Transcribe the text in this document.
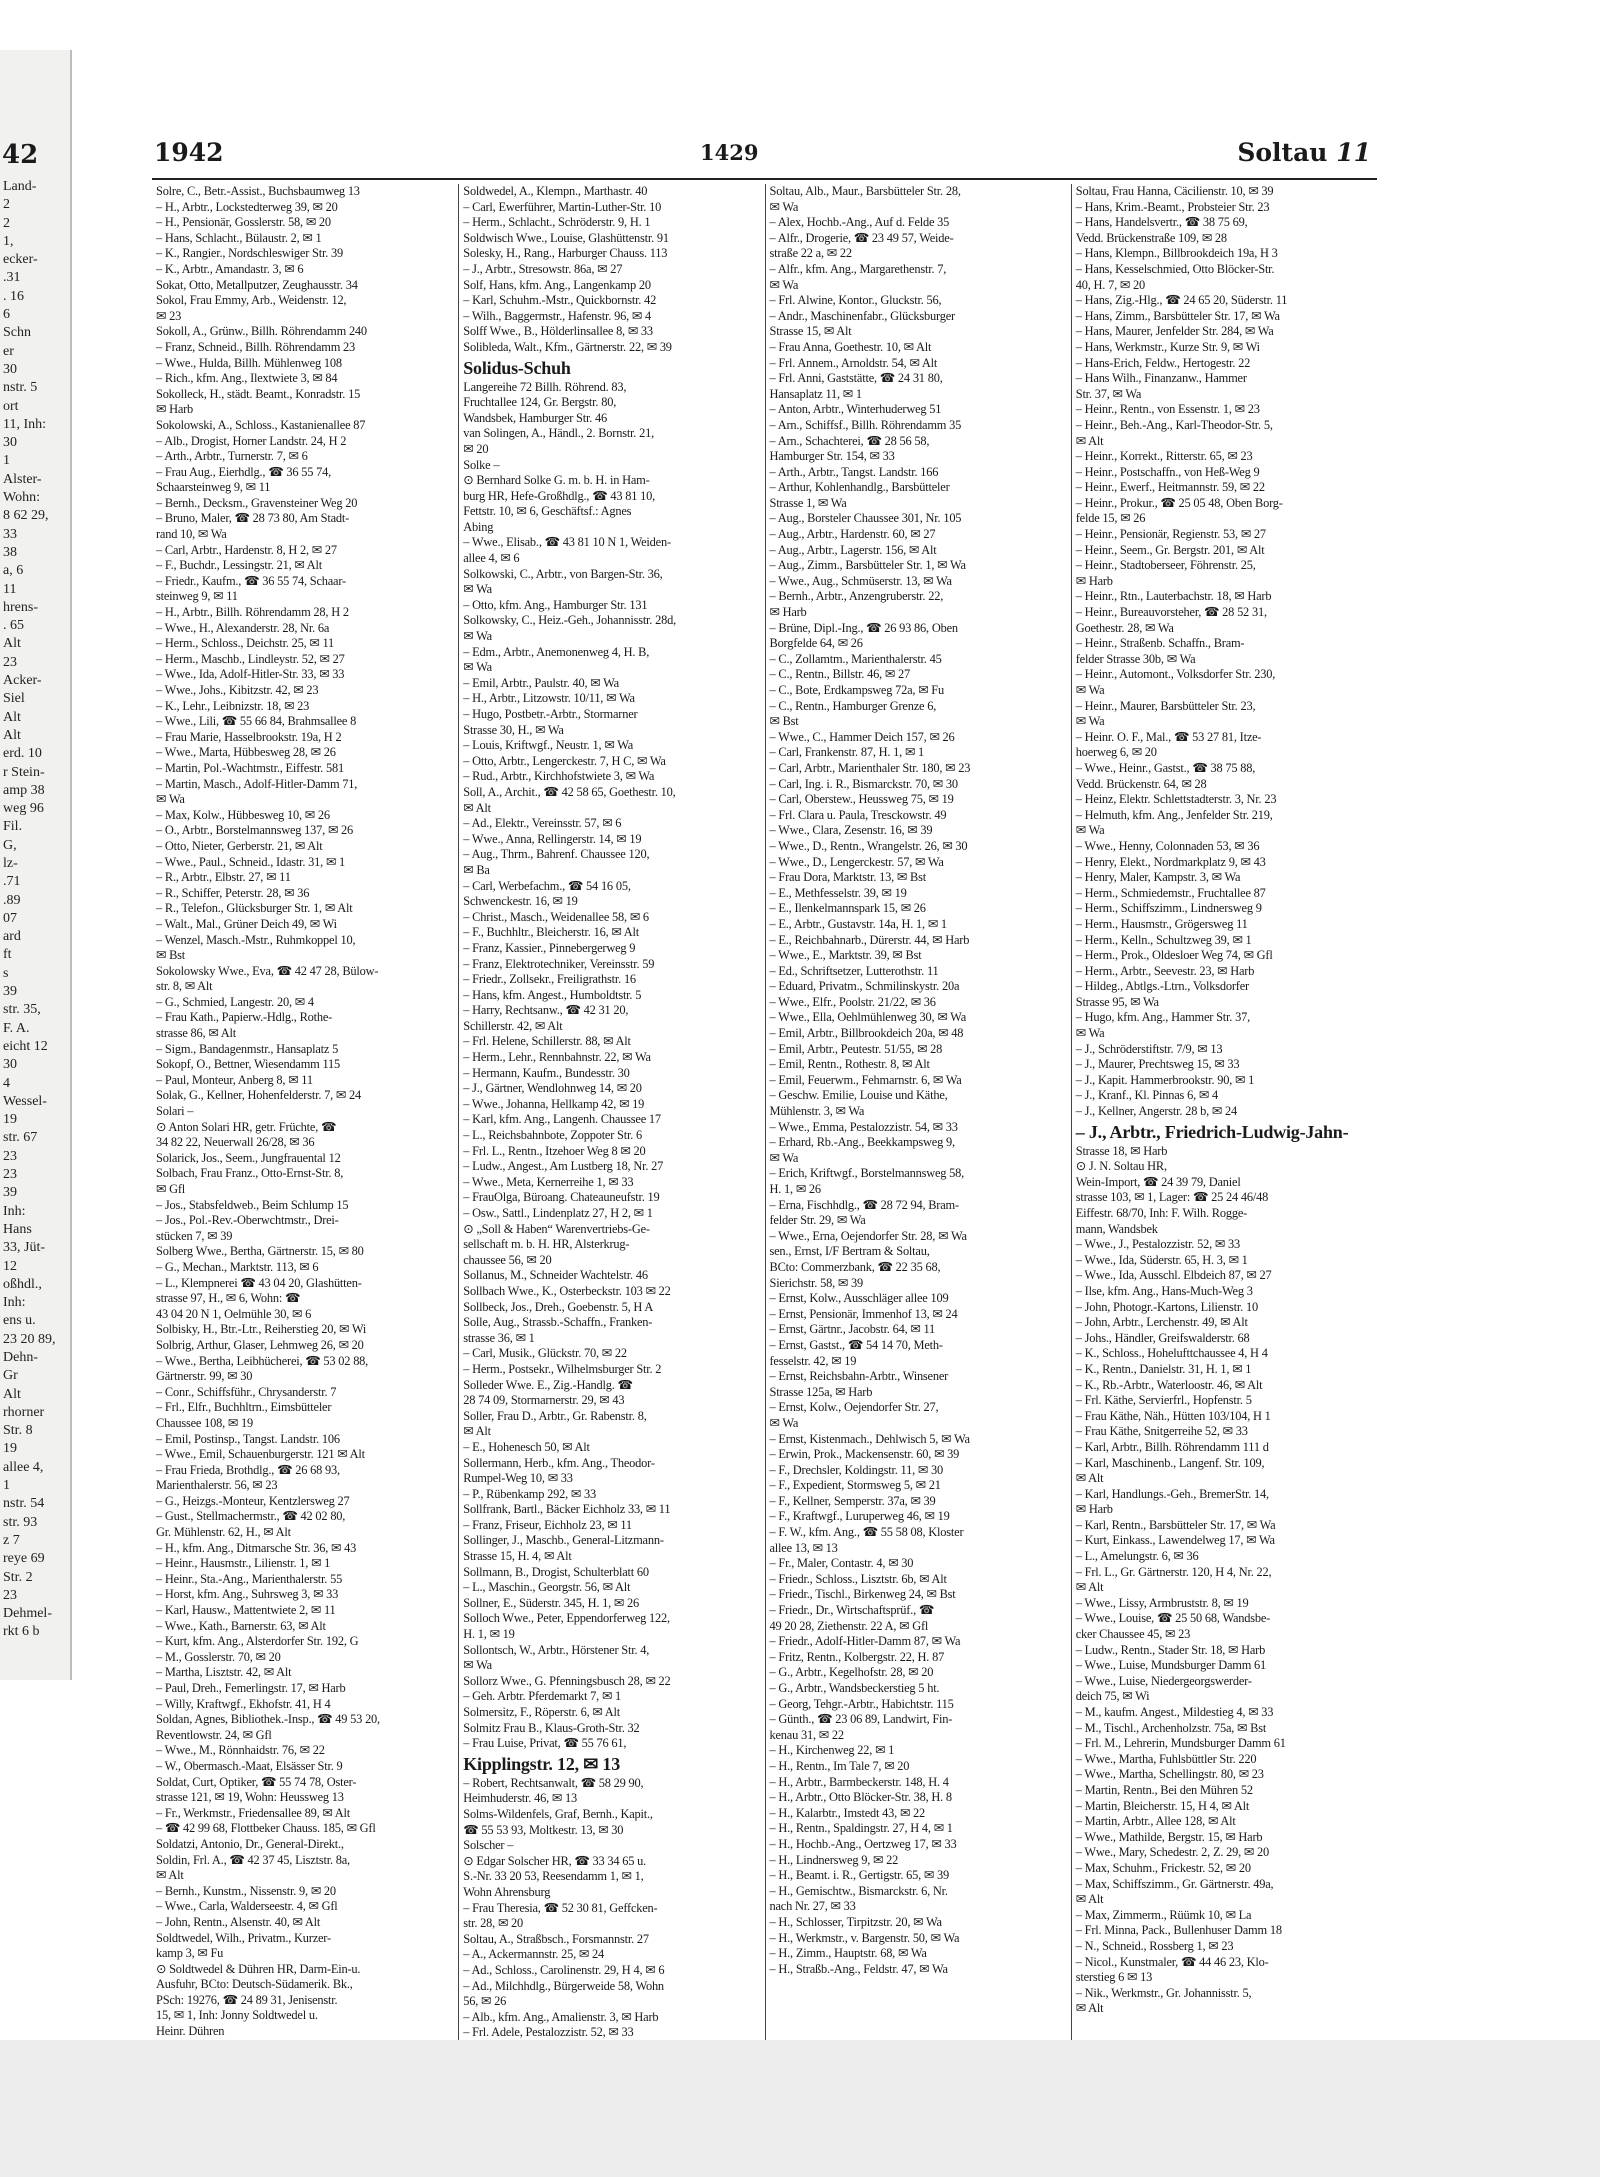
42
Land-
2
2
1,
ecker-
.31
. 16
6
Schn
er
30
nstr. 5
ort
11, Inh:
30
1
Alster-
Wohn:
8 62 29,
33
38
a, 6
11
hrens-
. 65
Alt
23
Acker-
Siel
Alt
Alt
erd. 10
r Stein-
amp 38
weg 96
Fil.
G,
lz-
.71
.89
07
ard
ft
s
39
str. 35,
F. A.
eicht 12
30
4
Wessel-
19
str. 67
23
23
39
Inh:
Hans
33, Jüt-
12
oßhdl.,
Inh:
ens u.
23 20 89,
Dehn-
Gr
Alt
rhorner
Str. 8
19
allee 4,
1
nstr. 54
str. 93
z 7
reye 69
Str. 2
23
Dehmel-
rkt 6 b
1942	1429	Soltau 11
Solre, C., Betr.-Assist., Buchsbaumweg 13
– H., Arbtr., Lockstedterweg 39, ✉ 20
– H., Pensionär, Gosslerstr. 58, ✉ 20
– Hans, Schlacht., Bülaustr. 2, ✉ 1
– K., Rangier., Nordschleswiger Str. 39
– K., Arbtr., Amandastr. 3, ✉ 6
Sokat, Otto, Metallputzer, Zeughausstr. 34
Sokol, Frau Emmy, Arb., Weidenstr. 12,
✉ 23
Sokoll, A., Grünw., Billh. Röhrendamm 240
– Franz, Schneid., Billh. Röhrendamm 23
– Wwe., Hulda, Billh. Mühlenweg 108
– Rich., kfm. Ang., Ilextwiete 3, ✉ 84
Sokolleck, H., städt. Beamt., Konradstr. 15
✉ Harb
Sokolowski, A., Schloss., Kastanienallee 87
– Alb., Drogist, Horner Landstr. 24, H 2
– Arth., Arbtr., Turnerstr. 7, ✉ 6
– Frau Aug., Eierhdlg., ☎ 36 55 74,
Schaarsteinweg 9, ✉ 11
– Bernh., Decksm., Gravensteiner Weg 20
– Bruno, Maler, ☎ 28 73 80, Am Stadt-
rand 10, ✉ Wa
– Carl, Arbtr., Hardenstr. 8, H 2, ✉ 27
– F., Buchdr., Lessingstr. 21, ✉ Alt
– Friedr., Kaufm., ☎ 36 55 74, Schaar-
steinweg 9, ✉ 11
– H., Arbtr., Billh. Röhrendamm 28, H 2
– Wwe., H., Alexanderstr. 28, Nr. 6a
– Herm., Schloss., Deichstr. 25, ✉ 11
– Herm., Maschb., Lindleystr. 52, ✉ 27
– Wwe., Ida, Adolf-Hitler-Str. 33, ✉ 33
– Wwe., Johs., Kibitzstr. 42, ✉ 23
– K., Lehr., Leibnizstr. 18, ✉ 23
– Wwe., Lili, ☎ 55 66 84, Brahmsallee 8
– Frau Marie, Hasselbrookstr. 19a, H 2
– Wwe., Marta, Hübbesweg 28, ✉ 26
– Martin, Pol.-Wachtmstr., Eiffestr. 581
– Martin, Masch., Adolf-Hitler-Damm 71,
✉ Wa
– Max, Kolw., Hübbesweg 10, ✉ 26
– O., Arbtr., Borstelmannsweg 137, ✉ 26
– Otto, Nieter, Gerberstr. 21, ✉ Alt
– Wwe., Paul., Schneid., Idastr. 31, ✉ 1
– R., Arbtr., Elbstr. 27, ✉ 11
– R., Schiffer, Peterstr. 28, ✉ 36
– R., Telefon., Glücksburger Str. 1, ✉ Alt
– Walt., Mal., Grüner Deich 49, ✉ Wi
– Wenzel, Masch.-Mstr., Ruhmkoppel 10,
✉ Bst
Sokolowsky Wwe., Eva, ☎ 42 47 28, Bülow-
str. 8, ✉ Alt
– G., Schmied, Langestr. 20, ✉ 4
– Frau Kath., Papierw.-Hdlg., Rothe-
strasse 86, ✉ Alt
– Sigm., Bandagenmstr., Hansaplatz 5
Sokopf, O., Bettner, Wiesendamm 115
– Paul, Monteur, Anberg 8, ✉ 11
Solak, G., Kellner, Hohenfelderstr. 7, ✉ 24
Solari –
⊙ Anton Solari HR, getr. Früchte, ☎
34 82 22, Neuerwall 26/28, ✉ 36
Solarick, Jos., Seem., Jungfrauental 12
Solbach, Frau Franz., Otto-Ernst-Str. 8,
✉ Gfl
– Jos., Stabsfeldweb., Beim Schlump 15
– Jos., Pol.-Rev.-Oberwchtmstr., Drei-
stücken 7, ✉ 39
Solberg Wwe., Bertha, Gärtnerstr. 15, ✉ 80
– G., Mechan., Marktstr. 113, ✉ 6
– L., Klempnerei ☎ 43 04 20, Glashütten-
strasse 97, H., ✉ 6, Wohn: ☎
43 04 20 N 1, Oelmühle 30, ✉ 6
Solbisky, H., Btr.-Ltr., Reiherstieg 20, ✉ Wi
Solbrig, Arthur, Glaser, Lehmweg 26, ✉ 20
– Wwe., Bertha, Leibhücherei, ☎ 53 02 88,
Gärtnerstr. 99, ✉ 30
– Conr., Schiffsführ., Chrysanderstr. 7
– Frl., Elfr., Buchhltrn., Eimsbütteler
Chaussee 108, ✉ 19
– Emil, Postinsp., Tangst. Landstr. 106
– Wwe., Emil, Schauenburgerstr. 121 ✉ Alt
– Frau Frieda, Brothdlg., ☎ 26 68 93,
Marienthalerstr. 56, ✉ 23
– G., Heizgs.-Monteur, Kentzlersweg 27
– Gust., Stellmachermstr., ☎ 42 02 80,
Gr. Mühlenstr. 62, H., ✉ Alt
– H., kfm. Ang., Ditmarsche Str. 36, ✉ 43
– Heinr., Hausmstr., Lilienstr. 1, ✉ 1
– Heinr., Sta.-Ang., Marienthalerstr. 55
– Horst, kfm. Ang., Suhrsweg 3, ✉ 33
– Karl, Hausw., Mattentwiete 2, ✉ 11
– Wwe., Kath., Barnerstr. 63, ✉ Alt
– Kurt, kfm. Ang., Alsterdorfer Str. 192, G
– M., Gosslerstr. 70, ✉ 20
– Martha, Lisztstr. 42, ✉ Alt
– Paul, Dreh., Femerlingstr. 17, ✉ Harb
– Willy, Kraftwgf., Ekhofstr. 41, H 4
Soldan, Agnes, Bibliothek.-Insp., ☎ 49 53 20,
Reventlowstr. 24, ✉ Gfl
– Wwe., M., Rönnhaidstr. 76, ✉ 22
– W., Obermasch.-Maat, Elsässer Str. 9
Soldat, Curt, Optiker, ☎ 55 74 78, Oster-
strasse 121, ✉ 19, Wohn: Heussweg 13
– Fr., Werkmstr., Friedensallee 89, ✉ Alt
– ☎ 42 99 68, Flottbeker Chauss. 185, ✉ Gfl
Soldatzi, Antonio, Dr., General-Direkt.,
Soldin, Frl. A., ☎ 42 37 45, Lisztstr. 8a,
✉ Alt
– Bernh., Kunstm., Nissenstr. 9, ✉ 20
– Wwe., Carla, Walderseestr. 4, ✉ Gfl
– John, Rentn., Alsenstr. 40, ✉ Alt
Soldtwedel, Wilh., Privatm., Kurzer-
kamp 3, ✉ Fu
⊙ Soldtwedel & Dühren HR, Darm-Ein-u.
Ausfuhr, BCto: Deutsch-Südamerik. Bk.,
PSch: 19276, ☎ 24 89 31, Jenisenstr.
15, ✉ 1, Inh: Jonny Soldtwedel u.
Heinr. Dühren
Soldwedel, A., Klempn., Marthastr. 40
– Carl, Ewerführer, Martin-Luther-Str. 10
– Herm., Schlacht., Schröderstr. 9, H. 1
Soldwisch Wwe., Louise, Glashüttenstr. 91
Solesky, H., Rang., Harburger Chauss. 113
– J., Arbtr., Stresowstr. 86a, ✉ 27
Solf, Hans, kfm. Ang., Langenkamp 20
– Karl, Schuhm.-Mstr., Quickbornstr. 42
– Wilh., Baggermstr., Hafenstr. 96, ✉ 4
Solff Wwe., B., Hölderlinsallee 8, ✉ 33
Solibleda, Walt., Kfm., Gärtnerstr. 22, ✉ 39
Solidus-Schuh
Langereihe 72 Billh. Röhrend. 83,
Fruchtallee 124, Gr. Bergstr. 80,
Wandsbek, Hamburger Str. 46
van Solingen, A., Händl., 2. Bornstr. 21,
✉ 20
Solke –
⊙ Bernhard Solke G. m. b. H. in Ham-
burg HR, Hefe-Großhdlg., ☎ 43 81 10,
Fettstr. 10, ✉ 6, Geschäftsf.: Agnes
Abing
– Wwe., Elisab., ☎ 43 81 10 N 1, Weiden-
allee 4, ✉ 6
Solkowski, C., Arbtr., von Bargen-Str. 36,
✉ Wa
– Otto, kfm. Ang., Hamburger Str. 131
Solkowsky, C., Heiz.-Geh., Johannisstr. 28d,
✉ Wa
– Edm., Arbtr., Anemonenweg 4, H. B,
✉ Wa
– Emil, Arbtr., Paulstr. 40, ✉ Wa
– H., Arbtr., Litzowstr. 10/11, ✉ Wa
– Hugo, Postbetr.-Arbtr., Stormarner
Strasse 30, H., ✉ Wa
– Louis, Kriftwgf., Neustr. 1, ✉ Wa
– Otto, Arbtr., Lengerckestr. 7, H C, ✉ Wa
– Rud., Arbtr., Kirchhofstwiete 3, ✉ Wa
Soll, A., Archit., ☎ 42 58 65, Goethestr. 10,
✉ Alt
– Ad., Elektr., Vereinsstr. 57, ✉ 6
– Wwe., Anna, Rellingerstr. 14, ✉ 19
– Aug., Thrm., Bahrenf. Chaussee 120,
✉ Ba
– Carl, Werbefachm., ☎ 54 16 05,
Schwenckestr. 16, ✉ 19
– Christ., Masch., Weidenallee 58, ✉ 6
– F., Buchhltr., Bleicherstr. 16, ✉ Alt
– Franz, Kassier., Pinnebergerweg 9
– Franz, Elektrotechniker, Vereinsstr. 59
– Friedr., Zollsekr., Freiligrathstr. 16
– Hans, kfm. Angest., Humboldtstr. 5
– Harry, Rechtsanw., ☎ 42 31 20,
Schillerstr. 42, ✉ Alt
– Frl. Helene, Schillerstr. 88, ✉ Alt
– Herm., Lehr., Rennbahnstr. 22, ✉ Wa
– Hermann, Kaufm., Bundesstr. 30
– J., Gärtner, Wendlohnweg 14, ✉ 20
– Wwe., Johanna, Hellkamp 42, ✉ 19
– Karl, kfm. Ang., Langenh. Chaussee 17
– L., Reichsbahnbote, Zoppoter Str. 6
– Frl. L., Rentn., Itzehoer Weg 8 ✉ 20
– Ludw., Angest., Am Lustberg 18, Nr. 27
– Wwe., Meta, Kernerreihe 1, ✉ 33
– FrauOlga, Büroang. Chateauneufstr. 19
– Osw., Sattl., Lindenplatz 27, H 2, ✉ 1
⊙ „Soll & Haben“ Warenvertriebs-Ge-
sellschaft m. b. H. HR, Alsterkrug-
chaussee 56, ✉ 20
Sollanus, M., Schneider Wachtelstr. 46
Sollbach Wwe., K., Osterbeckstr. 103 ✉ 22
Sollbeck, Jos., Dreh., Goebenstr. 5, H A
Solle, Aug., Strassb.-Schaffn., Franken-
strasse 36, ✉ 1
– Carl, Musik., Glückstr. 70, ✉ 22
– Herm., Postsekr., Wilhelmsburger Str. 2
Solleder Wwe. E., Zig.-Handlg. ☎
28 74 09, Stormarnerstr. 29, ✉ 43
Soller, Frau D., Arbtr., Gr. Rabenstr. 8,
✉ Alt
– E., Hohenesch 50, ✉ Alt
Sollermann, Herb., kfm. Ang., Theodor-
Rumpel-Weg 10, ✉ 33
– P., Rübenkamp 292, ✉ 33
Sollfrank, Bartl., Bäcker Eichholz 33, ✉ 11
– Franz, Friseur, Eichholz 23, ✉ 11
Sollinger, J., Maschb., General-Litzmann-
Strasse 15, H. 4, ✉ Alt
Sollmann, B., Drogist, Schulterblatt 60
– L., Maschin., Georgstr. 56, ✉ Alt
Sollner, E., Süderstr. 345, H. 1, ✉ 26
Solloch Wwe., Peter, Eppendorferweg 122,
H. 1, ✉ 19
Sollontsch, W., Arbtr., Hörstener Str. 4,
✉ Wa
Sollorz Wwe., G. Pfenningsbusch 28, ✉ 22
– Geh. Arbtr. Pferdemarkt 7, ✉ 1
Solmersitz, F., Röperstr. 6, ✉ Alt
Solmitz Frau B., Klaus-Groth-Str. 32
– Frau Luise, Privat, ☎ 55 76 61,
Kipplingstr. 12, ✉ 13
– Robert, Rechtsanwalt, ☎ 58 29 90,
Heimhuderstr. 46, ✉ 13
Solms-Wildenfels, Graf, Bernh., Kapit.,
☎ 55 53 93, Moltkestr. 13, ✉ 30
Solscher –
⊙ Edgar Solscher HR, ☎ 33 34 65 u.
S.-Nr. 33 20 53, Reesendamm 1, ✉ 1,
Wohn Ahrensburg
– Frau Theresia, ☎ 52 30 81, Geffcken-
str. 28, ✉ 20
Soltau, A., Straßbsch., Forsmannstr. 27
– A., Ackermannstr. 25, ✉ 24
– Ad., Schloss., Carolinenstr. 29, H 4, ✉ 6
– Ad., Milchhdlg., Bürgerweide 58, Wohn
56, ✉ 26
– Alb., kfm. Ang., Amalienstr. 3, ✉ Harb
– Frl. Adele, Pestalozzistr. 52, ✉ 33
Soltau, Alb., Maur., Barsbütteler Str. 28,
✉ Wa
– Alex, Hochb.-Ang., Auf d. Felde 35
– Alfr., Drogerie, ☎ 23 49 57, Weide-
straße 22 a, ✉ 22
– Alfr., kfm. Ang., Margarethenstr. 7,
✉ Wa
– Frl. Alwine, Kontor., Gluckstr. 56,
– Andr., Maschinenfabr., Glücksburger
Strasse 15, ✉ Alt
– Frau Anna, Goethestr. 10, ✉ Alt
– Frl. Annem., Arnoldstr. 54, ✉ Alt
– Frl. Anni, Gaststätte, ☎ 24 31 80,
Hansaplatz 11, ✉ 1
– Anton, Arbtr., Winterhuderweg 51
– Arn., Schiffsf., Billh. Röhrendamm 35
– Arn., Schachterei, ☎ 28 56 58,
Hamburger Str. 154, ✉ 33
– Arth., Arbtr., Tangst. Landstr. 166
– Arthur, Kohlenhandlg., Barsbütteler
Strasse 1, ✉ Wa
– Aug., Borsteler Chaussee 301, Nr. 105
– Aug., Arbtr., Hardenstr. 60, ✉ 27
– Aug., Arbtr., Lagerstr. 156, ✉ Alt
– Aug., Zimm., Barsbütteler Str. 1, ✉ Wa
– Wwe., Aug., Schmüserstr. 13, ✉ Wa
– Bernh., Arbtr., Anzengruberstr. 22,
✉ Harb
– Brüne, Dipl.-Ing., ☎ 26 93 86, Oben
Borgfelde 64, ✉ 26
– C., Zollamtm., Marienthalerstr. 45
– C., Rentn., Billstr. 46, ✉ 27
– C., Bote, Erdkampsweg 72a, ✉ Fu
– C., Rentn., Hamburger Grenze 6,
✉ Bst
– Wwe., C., Hammer Deich 157, ✉ 26
– Carl, Frankenstr. 87, H. 1, ✉ 1
– Carl, Arbtr., Marienthaler Str. 180, ✉ 23
– Carl, Ing. i. R., Bismarckstr. 70, ✉ 30
– Carl, Oberstew., Heussweg 75, ✉ 19
– Frl. Clara u. Paula, Tresckowstr. 49
– Wwe., Clara, Zesenstr. 16, ✉ 39
– Wwe., D., Rentn., Wrangelstr. 26, ✉ 30
– Wwe., D., Lengerckestr. 57, ✉ Wa
– Frau Dora, Marktstr. 13, ✉ Bst
– E., Methfesselstr. 39, ✉ 19
– E., Ilenkelmannspark 15, ✉ 26
– E., Arbtr., Gustavstr. 14a, H. 1, ✉ 1
– E., Reichbahnarb., Dürerstr. 44, ✉ Harb
– Wwe., E., Marktstr. 39, ✉ Bst
– Ed., Schriftsetzer, Lutterothstr. 11
– Eduard, Privatm., Schmilinskystr. 20a
– Wwe., Elfr., Poolstr. 21/22, ✉ 36
– Wwe., Ella, Oehlmühlenweg 30, ✉ Wa
– Emil, Arbtr., Billbrookdeich 20a, ✉ 48
– Emil, Arbtr., Peutestr. 51/55, ✉ 28
– Emil, Rentn., Rothestr. 8, ✉ Alt
– Emil, Feuerwm., Fehmarnstr. 6, ✉ Wa
– Geschw. Emilie, Louise und Käthe,
Mühlenstr. 3, ✉ Wa
– Wwe., Emma, Pestalozzistr. 54, ✉ 33
– Erhard, Rb.-Ang., Beekkampsweg 9,
✉ Wa
– Erich, Kriftwgf., Borstelmannsweg 58,
H. 1, ✉ 26
– Erna, Fischhdlg., ☎ 28 72 94, Bram-
felder Str. 29, ✉ Wa
– Wwe., Erna, Oejendorfer Str. 28, ✉ Wa
sen., Ernst, I/F Bertram & Soltau,
BCto: Commerzbank, ☎ 22 35 68,
Sierichstr. 58, ✉ 39
– Ernst, Kolw., Ausschläger allee 109
– Ernst, Pensionär, Immenhof 13, ✉ 24
– Ernst, Gärtnr., Jacobstr. 64, ✉ 11
– Ernst, Gastst., ☎ 54 14 70, Meth-
fesselstr. 42, ✉ 19
– Ernst, Reichsbahn-Arbtr., Winsener
Strasse 125a, ✉ Harb
– Ernst, Kolw., Oejendorfer Str. 27,
✉ Wa
– Ernst, Kistenmach., Dehlwisch 5, ✉ Wa
– Erwin, Prok., Mackensenstr. 60, ✉ 39
– F., Drechsler, Koldingstr. 11, ✉ 30
– F., Expedient, Stormsweg 5, ✉ 21
– F., Kellner, Semperstr. 37a, ✉ 39
– F., Kraftwgf., Luruperweg 46, ✉ 19
– F. W., kfm. Ang., ☎ 55 58 08, Kloster
allee 13, ✉ 13
– Fr., Maler, Contastr. 4, ✉ 30
– Friedr., Schloss., Lisztstr. 6b, ✉ Alt
– Friedr., Tischl., Birkenweg 24, ✉ Bst
– Friedr., Dr., Wirtschaftsprüf., ☎
49 20 28, Ziethenstr. 22 A, ✉ Gfl
– Friedr., Adolf-Hitler-Damm 87, ✉ Wa
– Fritz, Rentn., Kolbergstr. 22, H. 87
– G., Arbtr., Kegelhofstr. 28, ✉ 20
– G., Arbtr., Wandsbeckerstieg 5 ht.
– Georg, Tehgr.-Arbtr., Habichtstr. 115
– Günth., ☎ 23 06 89, Landwirt, Fin-
kenau 31, ✉ 22
– H., Kirchenweg 22, ✉ 1
– H., Rentn., Im Tale 7, ✉ 20
– H., Arbtr., Barmbeckerstr. 148, H. 4
– H., Arbtr., Otto Blöcker-Str. 38, H. 8
– H., Kalarbtr., Imstedt 43, ✉ 22
– H., Rentn., Spaldingstr. 27, H 4, ✉ 1
– H., Hochb.-Ang., Oertzweg 17, ✉ 33
– H., Lindnersweg 9, ✉ 22
– H., Beamt. i. R., Gertigstr. 65, ✉ 39
– H., Gemischtw., Bismarckstr. 6, Nr.
nach Nr. 27, ✉ 33
– H., Schlosser, Tirpitzstr. 20, ✉ Wa
– H., Werkmstr., v. Bargenstr. 50, ✉ Wa
– H., Zimm., Hauptstr. 68, ✉ Wa
– H., Straßb.-Ang., Feldstr. 47, ✉ Wa
Soltau, Frau Hanna, Cäcilienstr. 10, ✉ 39
– Hans, Krim.-Beamt., Probsteier Str. 23
– Hans, Handelsvertr., ☎ 38 75 69,
Vedd. Brückenstraße 109, ✉ 28
– Hans, Klempn., Billbrookdeich 19a, H 3
– Hans, Kesselschmied, Otto Blöcker-Str.
40, H. 7, ✉ 20
– Hans, Zig.-Hlg., ☎ 24 65 20, Süderstr. 11
– Hans, Zimm., Barsbütteler Str. 17, ✉ Wa
– Hans, Maurer, Jenfelder Str. 284, ✉ Wa
– Hans, Werkmstr., Kurze Str. 9, ✉ Wi
– Hans-Erich, Feldw., Hertogestr. 22
– Hans Wilh., Finanzanw., Hammer
Str. 37, ✉ Wa
– Heinr., Rentn., von Essenstr. 1, ✉ 23
– Heinr., Beh.-Ang., Karl-Theodor-Str. 5,
✉ Alt
– Heinr., Korrekt., Ritterstr. 65, ✉ 23
– Heinr., Postschaffn., von Heß-Weg 9
– Heinr., Ewerf., Heitmannstr. 59, ✉ 22
– Heinr., Prokur., ☎ 25 05 48, Oben Borg-
felde 15, ✉ 26
– Heinr., Pensionär, Regienstr. 53, ✉ 27
– Heinr., Seem., Gr. Bergstr. 201, ✉ Alt
– Heinr., Stadtoberseer, Föhrenstr. 25,
✉ Harb
– Heinr., Rtn., Lauterbachstr. 18, ✉ Harb
– Heinr., Bureauvorsteher, ☎ 28 52 31,
Goethestr. 28, ✉ Wa
– Heinr., Straßenb. Schaffn., Bram-
felder Strasse 30b, ✉ Wa
– Heinr., Automont., Volksdorfer Str. 230,
✉ Wa
– Heinr., Maurer, Barsbütteler Str. 23,
✉ Wa
– Heinr. O. F., Mal., ☎ 53 27 81, Itze-
hoerweg 6, ✉ 20
– Wwe., Heinr., Gastst., ☎ 38 75 88,
Vedd. Brückenstr. 64, ✉ 28
– Heinz, Elektr. Schlettstadterstr. 3, Nr. 23
– Helmuth, kfm. Ang., Jenfelder Str. 219,
✉ Wa
– Wwe., Henny, Colonnaden 53, ✉ 36
– Henry, Elekt., Nordmarkplatz 9, ✉ 43
– Henry, Maler, Kampstr. 3, ✉ Wa
– Herm., Schmiedemstr., Fruchtallee 87
– Herm., Schiffszimm., Lindnersweg 9
– Herm., Hausmstr., Grögersweg 11
– Herm., Kelln., Schultzweg 39, ✉ 1
– Herm., Prok., Oldesloer Weg 74, ✉ Gfl
– Herm., Arbtr., Seevestr. 23, ✉ Harb
– Hildeg., Abtlgs.-Ltrn., Volksdorfer
Strasse 95, ✉ Wa
– Hugo, kfm. Ang., Hammer Str. 37,
✉ Wa
– J., Schröderstiftstr. 7/9, ✉ 13
– J., Maurer, Prechtsweg 15, ✉ 33
– J., Kapit. Hammerbrookstr. 90, ✉ 1
– J., Kranf., Kl. Pinnas 6, ✉ 4
– J., Kellner, Angerstr. 28 b, ✉ 24
– J., Arbtr., Friedrich-Ludwig-Jahn-
Strasse 18, ✉ Harb
⊙ J. N. Soltau HR,
Wein-Import, ☎ 24 39 79, Daniel
strasse 103, ✉ 1, Lager: ☎ 25 24 46/48
Eiffestr. 68/70, Inh: F. Wilh. Rogge-
mann, Wandsbek
– Wwe., J., Pestalozzistr. 52, ✉ 33
– Wwe., Ida, Süderstr. 65, H. 3, ✉ 1
– Wwe., Ida, Ausschl. Elbdeich 87, ✉ 27
– Ilse, kfm. Ang., Hans-Much-Weg 3
– John, Photogr.-Kartons, Lilienstr. 10
– John, Arbtr., Lerchenstr. 49, ✉ Alt
– Johs., Händler, Greifswalderstr. 68
– K., Schloss., Hohelufttchaussee 4, H 4
– K., Rentn., Danielstr. 31, H. 1, ✉ 1
– K., Rb.-Arbtr., Waterloostr. 46, ✉ Alt
– Frl. Käthe, Servierfrl., Hopfenstr. 5
– Frau Käthe, Näh., Hütten 103/104, H 1
– Frau Käthe, Snitgerreihe 52, ✉ 33
– Karl, Arbtr., Billh. Röhrendamm 111 d
– Karl, Maschinenb., Langenf. Str. 109,
✉ Alt
– Karl, Handlungs.-Geh., BremerStr. 14,
✉ Harb
– Karl, Rentn., Barsbütteler Str. 17, ✉ Wa
– Kurt, Einkass., Lawendelweg 17, ✉ Wa
– L., Amelungstr. 6, ✉ 36
– Frl. L., Gr. Gärtnerstr. 120, H 4, Nr. 22,
✉ Alt
– Wwe., Lissy, Armbruststr. 8, ✉ 19
– Wwe., Louise, ☎ 25 50 68, Wandsbe-
cker Chaussee 45, ✉ 23
– Ludw., Rentn., Stader Str. 18, ✉ Harb
– Wwe., Luise, Mundsburger Damm 61
– Wwe., Luise, Niedergeorgswerder-
deich 75, ✉ Wi
– M., kaufm. Angest., Mildestieg 4, ✉ 33
– M., Tischl., Archenholzstr. 75a, ✉ Bst
– Frl. M., Lehrerin, Mundsburger Damm 61
– Wwe., Martha, Fuhlsbüttler Str. 220
– Wwe., Martha, Schellingstr. 80, ✉ 23
– Martin, Rentn., Bei den Mühren 52
– Martin, Bleicherstr. 15, H 4, ✉ Alt
– Martin, Arbtr., Allee 128, ✉ Alt
– Wwe., Mathilde, Bergstr. 15, ✉ Harb
– Wwe., Mary, Schedestr. 2, Z. 29, ✉ 20
– Max, Schuhm., Frickestr. 52, ✉ 20
– Max, Schiffszimm., Gr. Gärtnerstr. 49a,
✉ Alt
– Max, Zimmerm., Rüümk 10, ✉ La
– Frl. Minna, Pack., Bullenhuser Damm 18
– N., Schneid., Rossberg 1, ✉ 23
– Nicol., Kunstmaler, ☎ 44 46 23, Klo-
sterstieg 6 ✉ 13
– Nik., Werkmstr., Gr. Johannisstr. 5,
✉ Alt
